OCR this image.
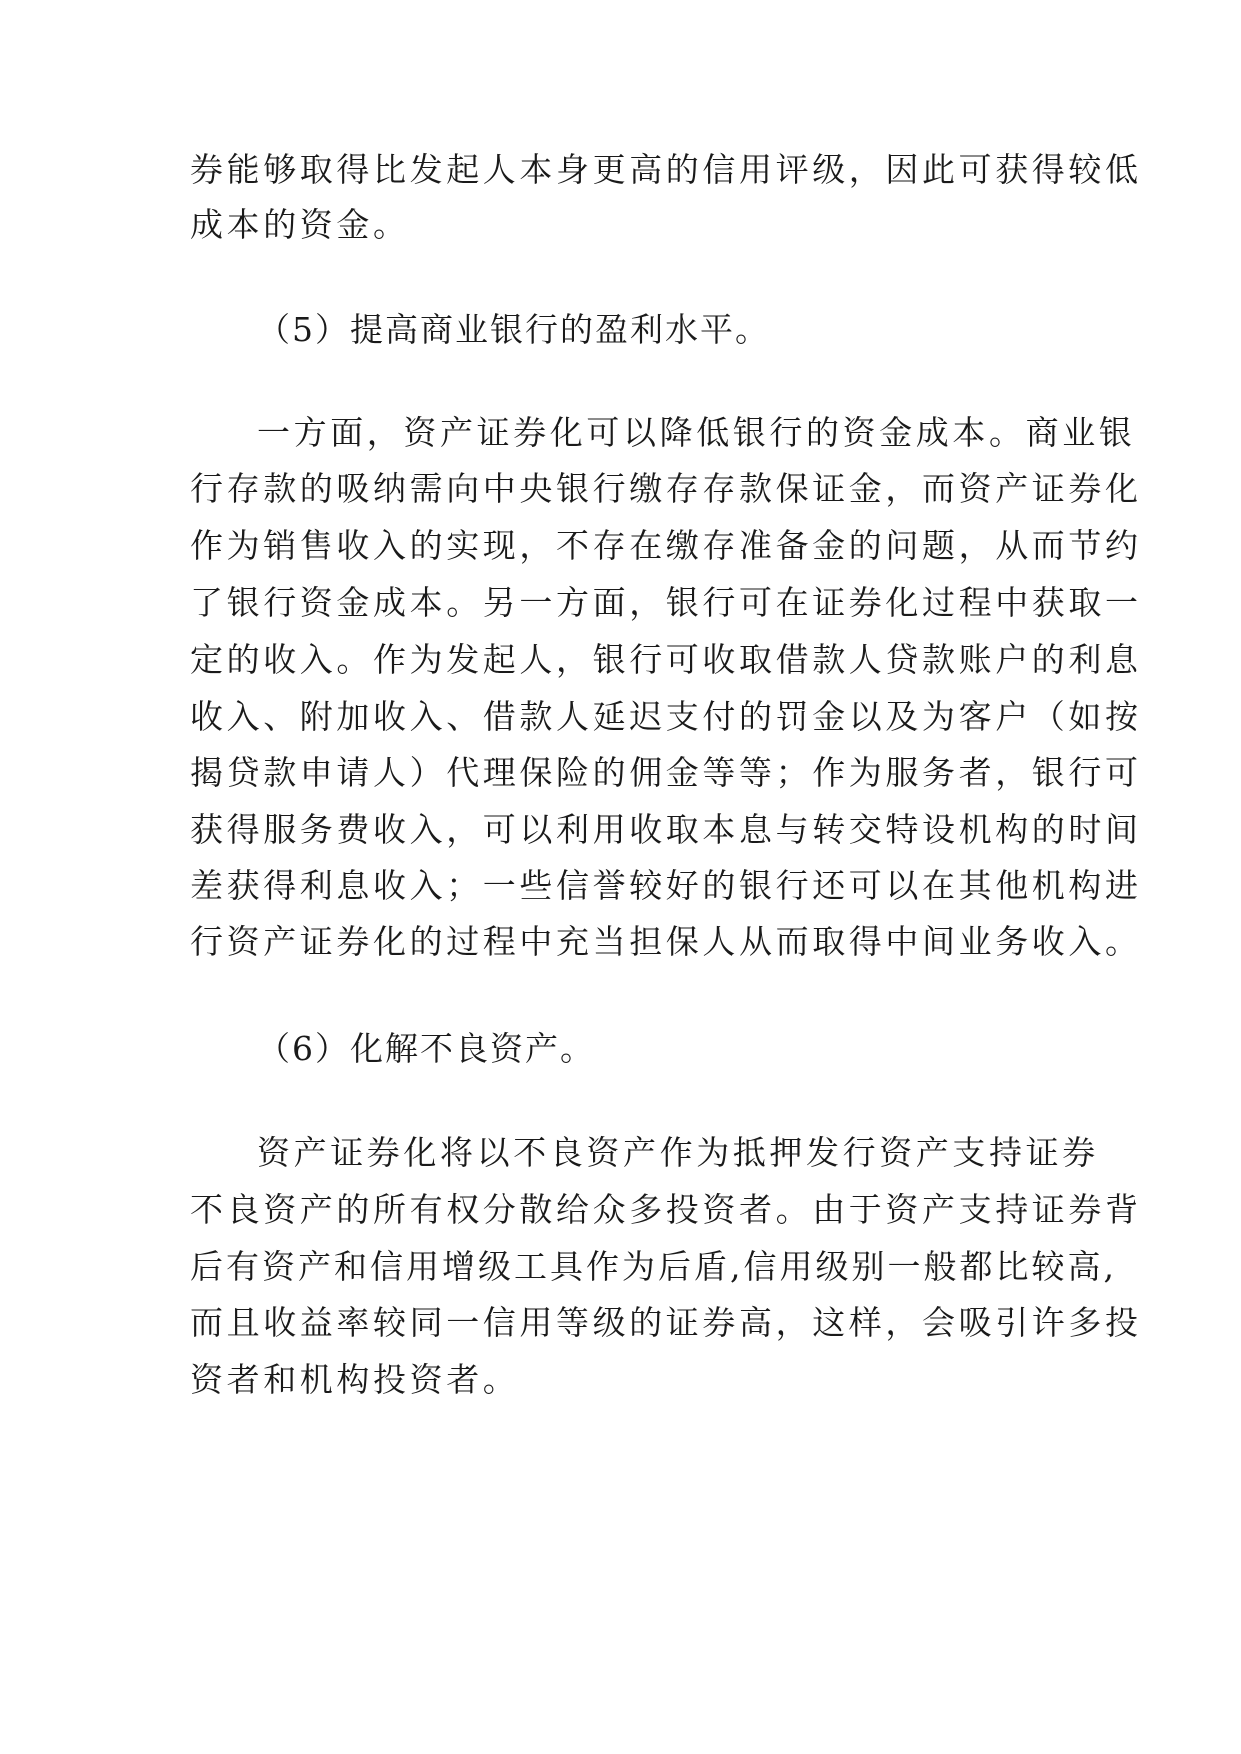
券能够取得比发起人本身更高的信用评级，因此可获得较低
成本的资金。
（5）提高商业银行的盈利水平。
一方面，资产证券化可以降低银行的资金成本。商业银
行存款的吸纳需向中央银行缴存存款保证金，而资产证券化
作为销售收入的实现，不存在缴存准备金的问题，从而节约
了银行资金成本。另一方面，银行可在证券化过程中获取一
定的收入。作为发起人，银行可收取借款人贷款账户的利息
收入、附加收入、借款人延迟支付的罚金以及为客户（如按
揭贷款申请人）代理保险的佣金等等；作为服务者，银行可
获得服务费收入，可以利用收取本息与转交特设机构的时间
差获得利息收入；一些信誉较好的银行还可以在其他机构进
行资产证券化的过程中充当担保人从而取得中间业务收入。
（6）化解不良资产。
资产证券化将以不良资产作为抵押发行资产支持证券
不良资产的所有权分散给众多投资者。由于资产支持证券背
后有资产和信用增级工具作为后盾,信用级别一般都比较高,
而且收益率较同一信用等级的证券高，这样，会吸引许多投
资者和机构投资者。
